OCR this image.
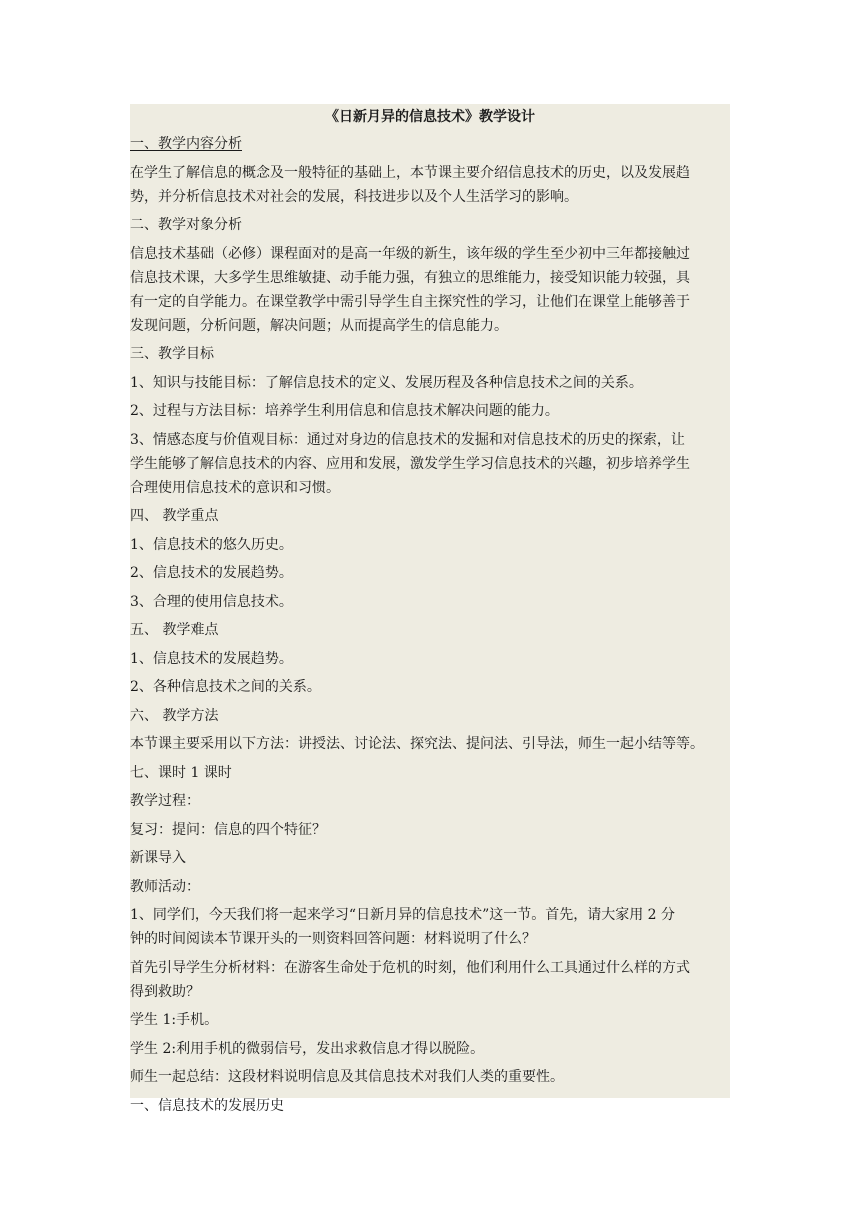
《日新月异的信息技术》教学设计
一、教学内容分析
在学生了解信息的概念及一般特征的基础上，本节课主要介绍信息技术的历史，以及发展趋
势，并分析信息技术对社会的发展，科技进步以及个人生活学习的影响。
二、教学对象分析
信息技术基础（必修）课程面对的是高一年级的新生，该年级的学生至少初中三年都接触过
信息技术课，大多学生思维敏捷、动手能力强，有独立的思维能力，接受知识能力较强，具
有一定的自学能力。在课堂教学中需引导学生自主探究性的学习，让他们在课堂上能够善于
发现问题，分析问题，解决问题；从而提高学生的信息能力。
三、教学目标
1、知识与技能目标：了解信息技术的定义、发展历程及各种信息技术之间的关系。
2、过程与方法目标：培养学生利用信息和信息技术解决问题的能力。
3、情感态度与价值观目标：通过对身边的信息技术的发掘和对信息技术的历史的探索，让
学生能够了解信息技术的内容、应用和发展，激发学生学习信息技术的兴趣，初步培养学生
合理使用信息技术的意识和习惯。
四、 教学重点
1、信息技术的悠久历史。
2、信息技术的发展趋势。
3、合理的使用信息技术。
五、 教学难点
1、信息技术的发展趋势。
2、各种信息技术之间的关系。
六、 教学方法
本节课主要采用以下方法：讲授法、讨论法、探究法、提问法、引导法，师生一起小结等等。
七、课时 1 课时
教学过程：
复习：提问：信息的四个特征？
新课导入
教师活动：
1、同学们，今天我们将一起来学习“日新月异的信息技术”这一节。首先，请大家用 2 分
钟的时间阅读本节课开头的一则资料回答问题：材料说明了什么？
首先引导学生分析材料：在游客生命处于危机的时刻，他们利用什么工具通过什么样的方式
得到救助？
学生 1:手机。
学生 2:利用手机的微弱信号，发出求救信息才得以脱险。
师生一起总结：这段材料说明信息及其信息技术对我们人类的重要性。
一、信息技术的发展历史
